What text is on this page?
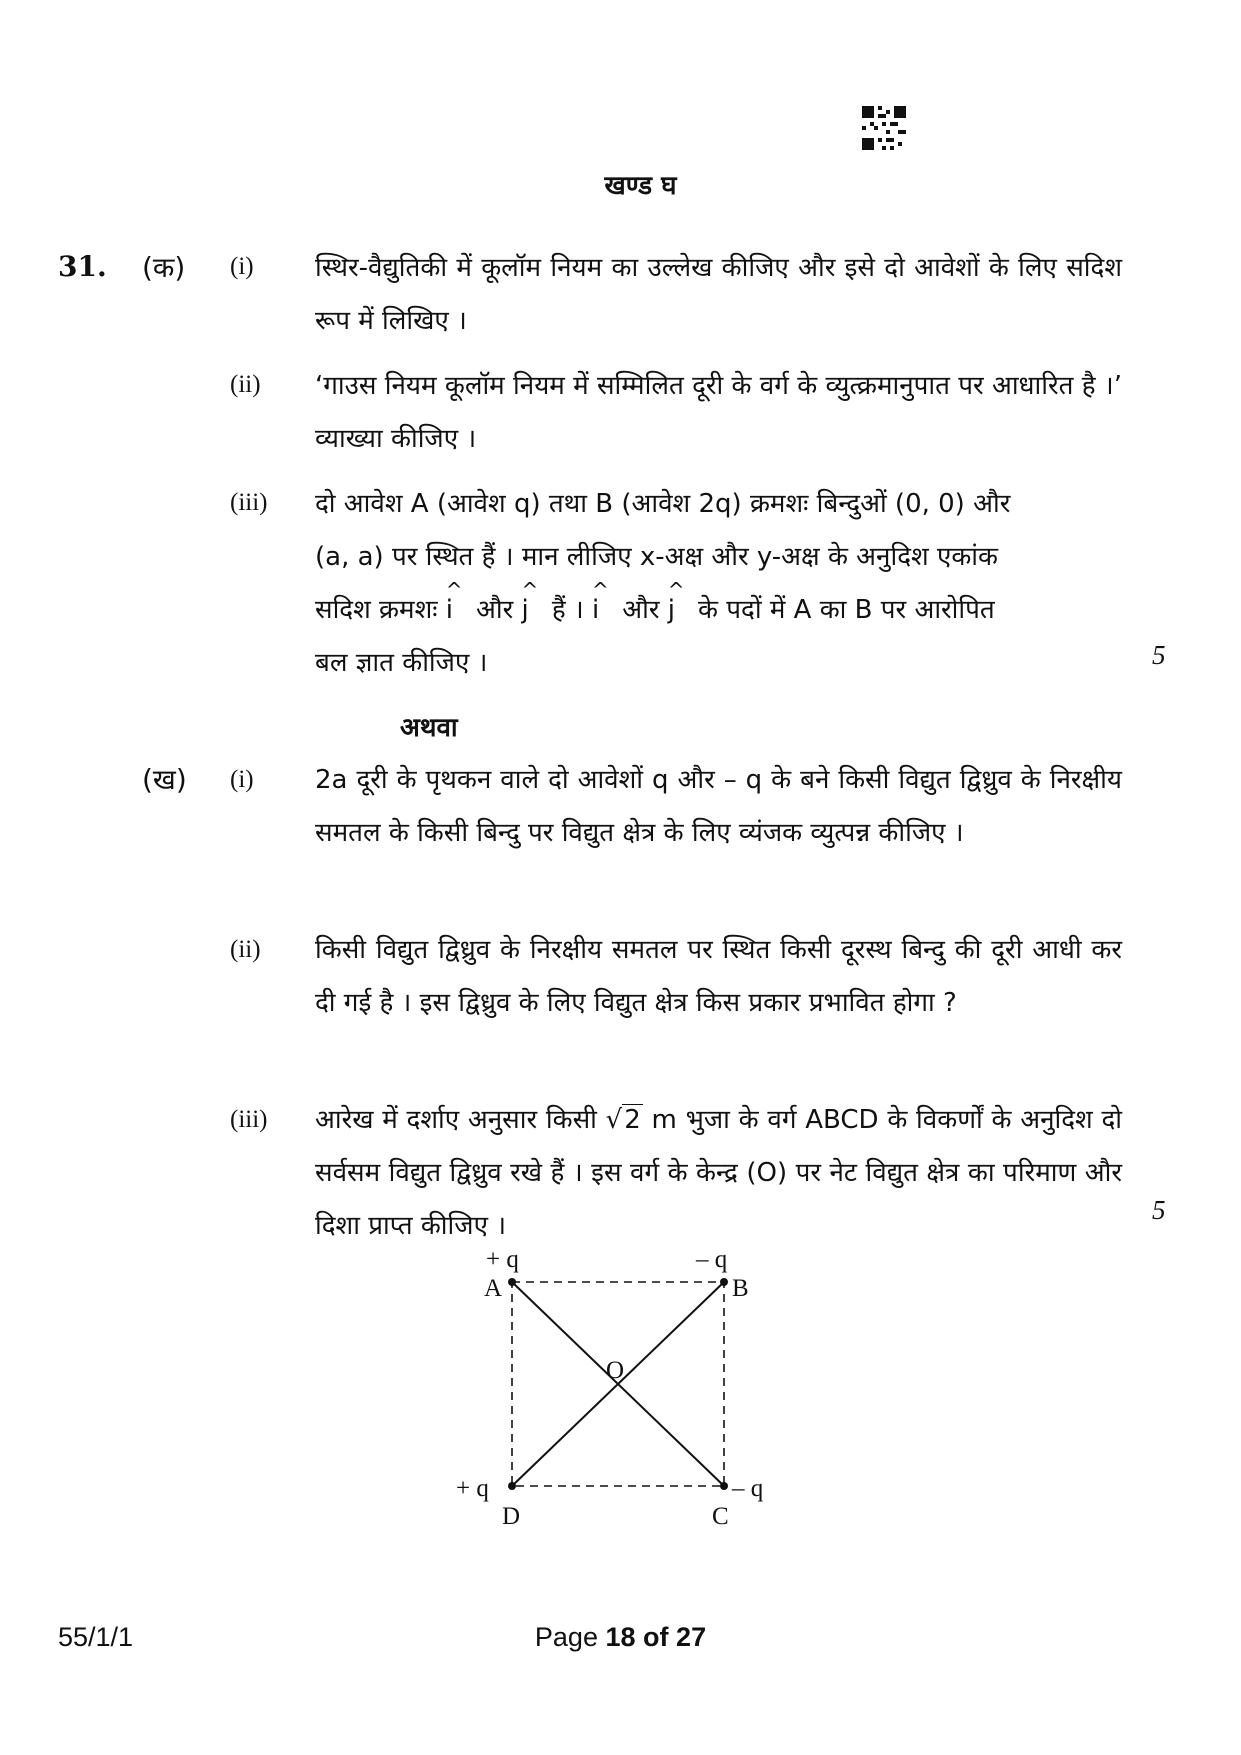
खण्ड घ
31. (क) (i) स्थिर-वैद्युतिकी में कूलॉम नियम का उल्लेख कीजिए और इसे दो आवेशों के लिए सदिश रूप में लिखिए ।
(ii) ‘गाउस नियम कूलॉम नियम में सम्मिलित दूरी के वर्ग के व्युत्क्रमानुपात पर आधारित है ।’ व्याख्या कीजिए ।
(iii) दो आवेश A (आवेश q) तथा B (आवेश 2q) क्रमशः बिन्दुओं (0, 0) और
(a, a) पर स्थित हैं । मान लीजिए x-अक्ष और y-अक्ष के अनुदिश एकांक
सदिश क्रमशः
^
i और
^
j हैं ।
^
i और
^
j के पदों में A का B पर आरोपित
बल ज्ञात कीजिए ।	5
अथवा
(ख) (i) 2a दूरी के पृथकन वाले दो आवेशों q और – q के बने किसी विद्युत द्विध्रुव के निरक्षीय समतल के किसी बिन्दु पर विद्युत क्षेत्र के लिए व्यंजक व्युत्पन्न कीजिए ।
(ii) किसी विद्युत द्विध्रुव के निरक्षीय समतल पर स्थित किसी दूरस्थ बिन्दु की दूरी आधी कर दी गई है । इस द्विध्रुव के लिए विद्युत क्षेत्र किस प्रकार प्रभावित होगा ?
(iii) आरेख में दर्शाए अनुसार किसी √2 m भुजा के वर्ग ABCD के विकर्णों के अनुदिश दो सर्वसम विद्युत द्विध्रुव रखे हैं । इस वर्ग के केन्द्र (O) पर नेट विद्युत क्षेत्र का परिमाण और दिशा प्राप्त कीजिए ।
5
+ q	– q
– q
+ q
A	B
C
D
O
55/1/1	Page 18 of 27
